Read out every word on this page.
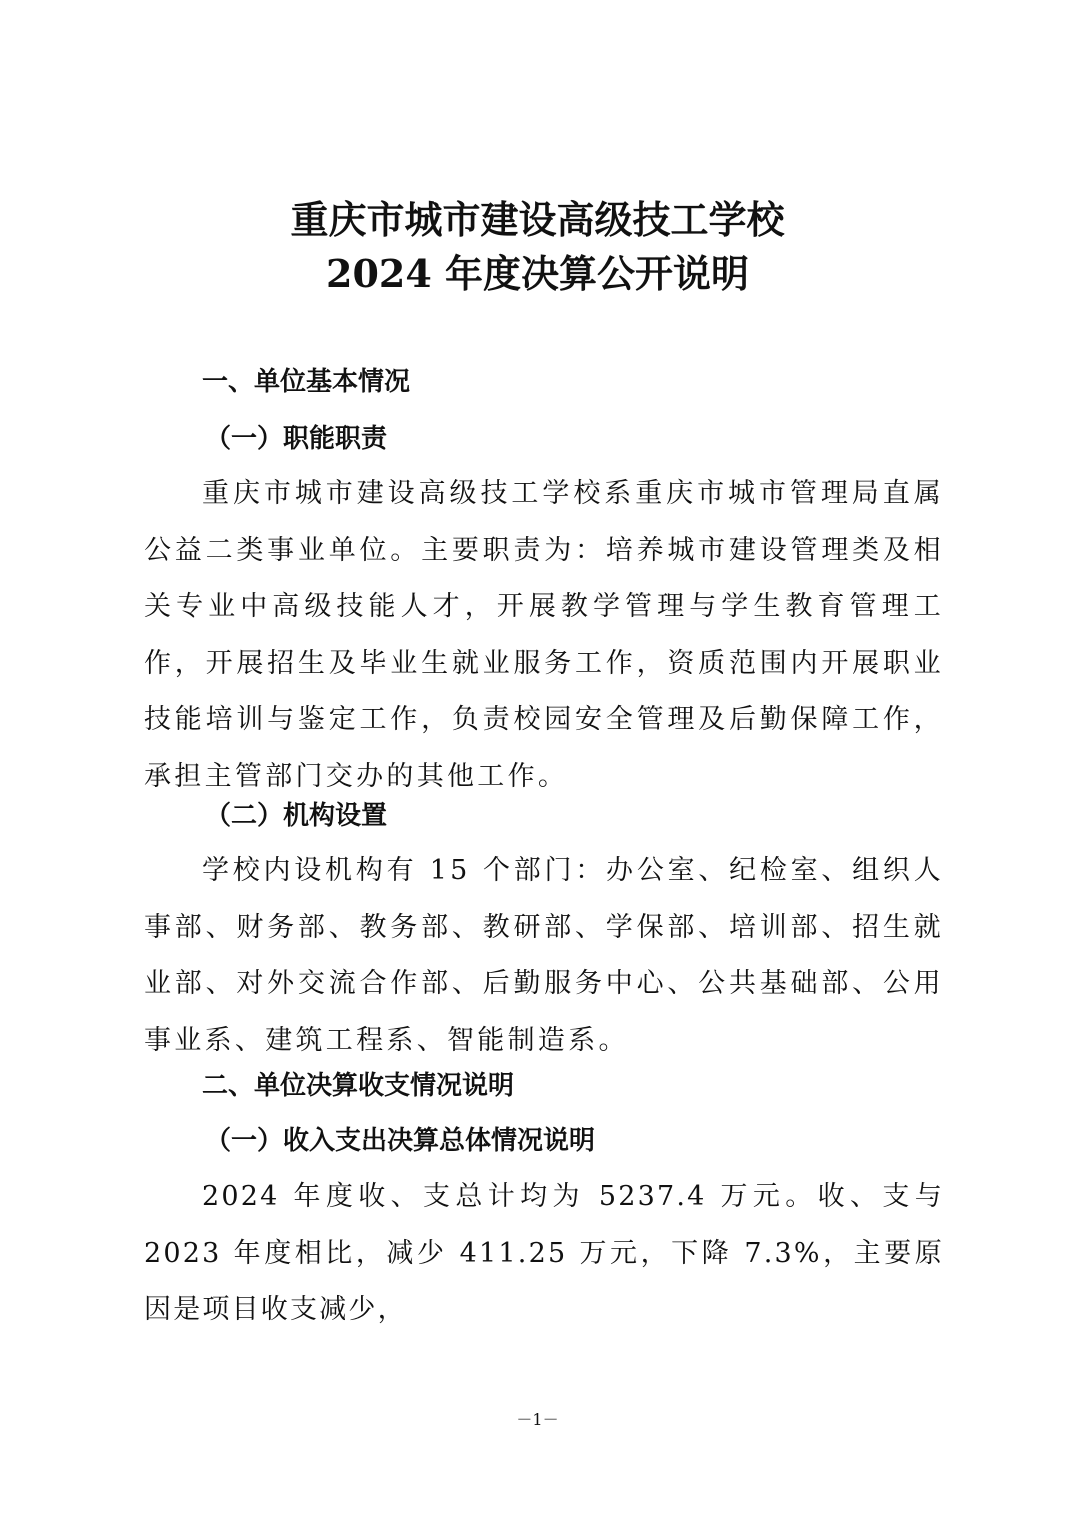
重庆市城市建设高级技工学校
2024 年度决算公开说明
一、单位基本情况
（一）职能职责

重庆市城市建设高级技工学校系重庆市城市管理局直属公益二类事业单位。主要职责为：培养城市建设管理类及相关专业中高级技能人才，开展教学管理与学生教育管理工作，开展招生及毕业生就业服务工作，资质范围内开展职业技能培训与鉴定工作，负责校园安全管理及后勤保障工作，承担主管部门交办的其他工作。

（二）机构设置

学校内设机构有 15 个部门：办公室、纪检室、组织人事部、财务部、教务部、教研部、学保部、培训部、招生就业部、对外交流合作部、后勤服务中心、公共基础部、公用事业系、建筑工程系、智能制造系。

二、单位决算收支情况说明
（一）收入支出决算总体情况说明

2024 年度收、支总计均为 5237.4 万元。收、支与 2023 年度相比，减少 411.25 万元，下降 7.3%，主要原因是项目收支减少，

－1－
